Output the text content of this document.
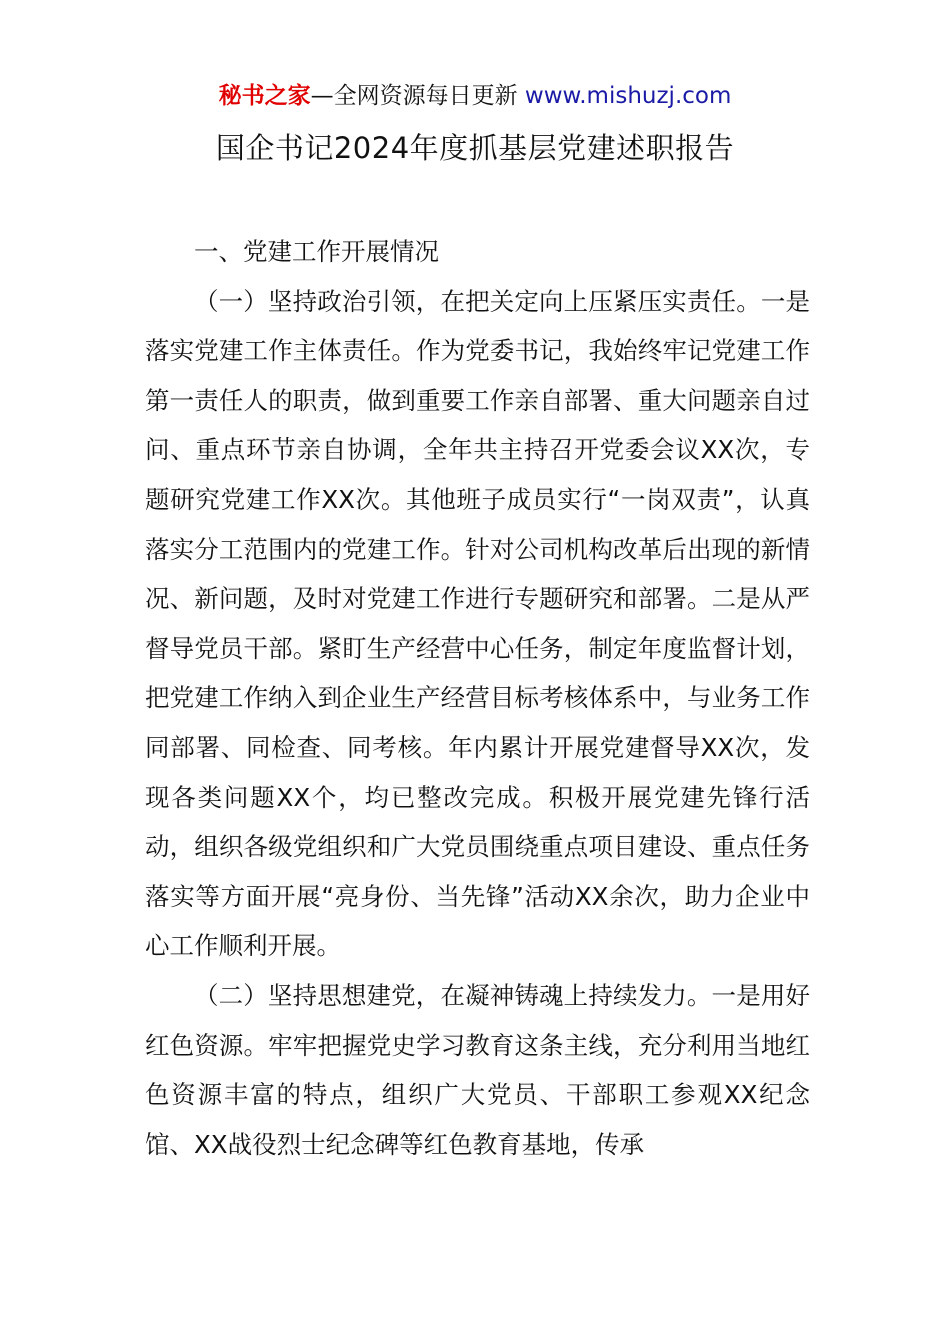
秘书之家—全网资源每日更新 www.mishuzj.com
国企书记2024年度抓基层党建述职报告

一、党建工作开展情况

（一）坚持政治引领，在把关定向上压紧压实责任。一是落实党建工作主体责任。作为党委书记，我始终牢记党建工作第一责任人的职责，做到重要工作亲自部署、重大问题亲自过问、重点环节亲自协调，全年共主持召开党委会议XX次，专题研究党建工作XX次。其他班子成员实行“一岗双责”，认真落实分工范围内的党建工作。针对公司机构改革后出现的新情况、新问题，及时对党建工作进行专题研究和部署。二是从严督导党员干部。紧盯生产经营中心任务，制定年度监督计划，把党建工作纳入到企业生产经营目标考核体系中，与业务工作同部署、同检查、同考核。年内累计开展党建督导XX次，发现各类问题XX个，均已整改完成。积极开展党建先锋行活动，组织各级党组织和广大党员围绕重点项目建设、重点任务落实等方面开展“亮身份、当先锋”活动XX余次，助力企业中心工作顺利开展。

（二）坚持思想建党，在凝神铸魂上持续发力。一是用好红色资源。牢牢把握党史学习教育这条主线，充分利用当地红色资源丰富的特点，组织广大党员、干部职工参观XX纪念馆、XX战役烈士纪念碑等红色教育基地，传承
